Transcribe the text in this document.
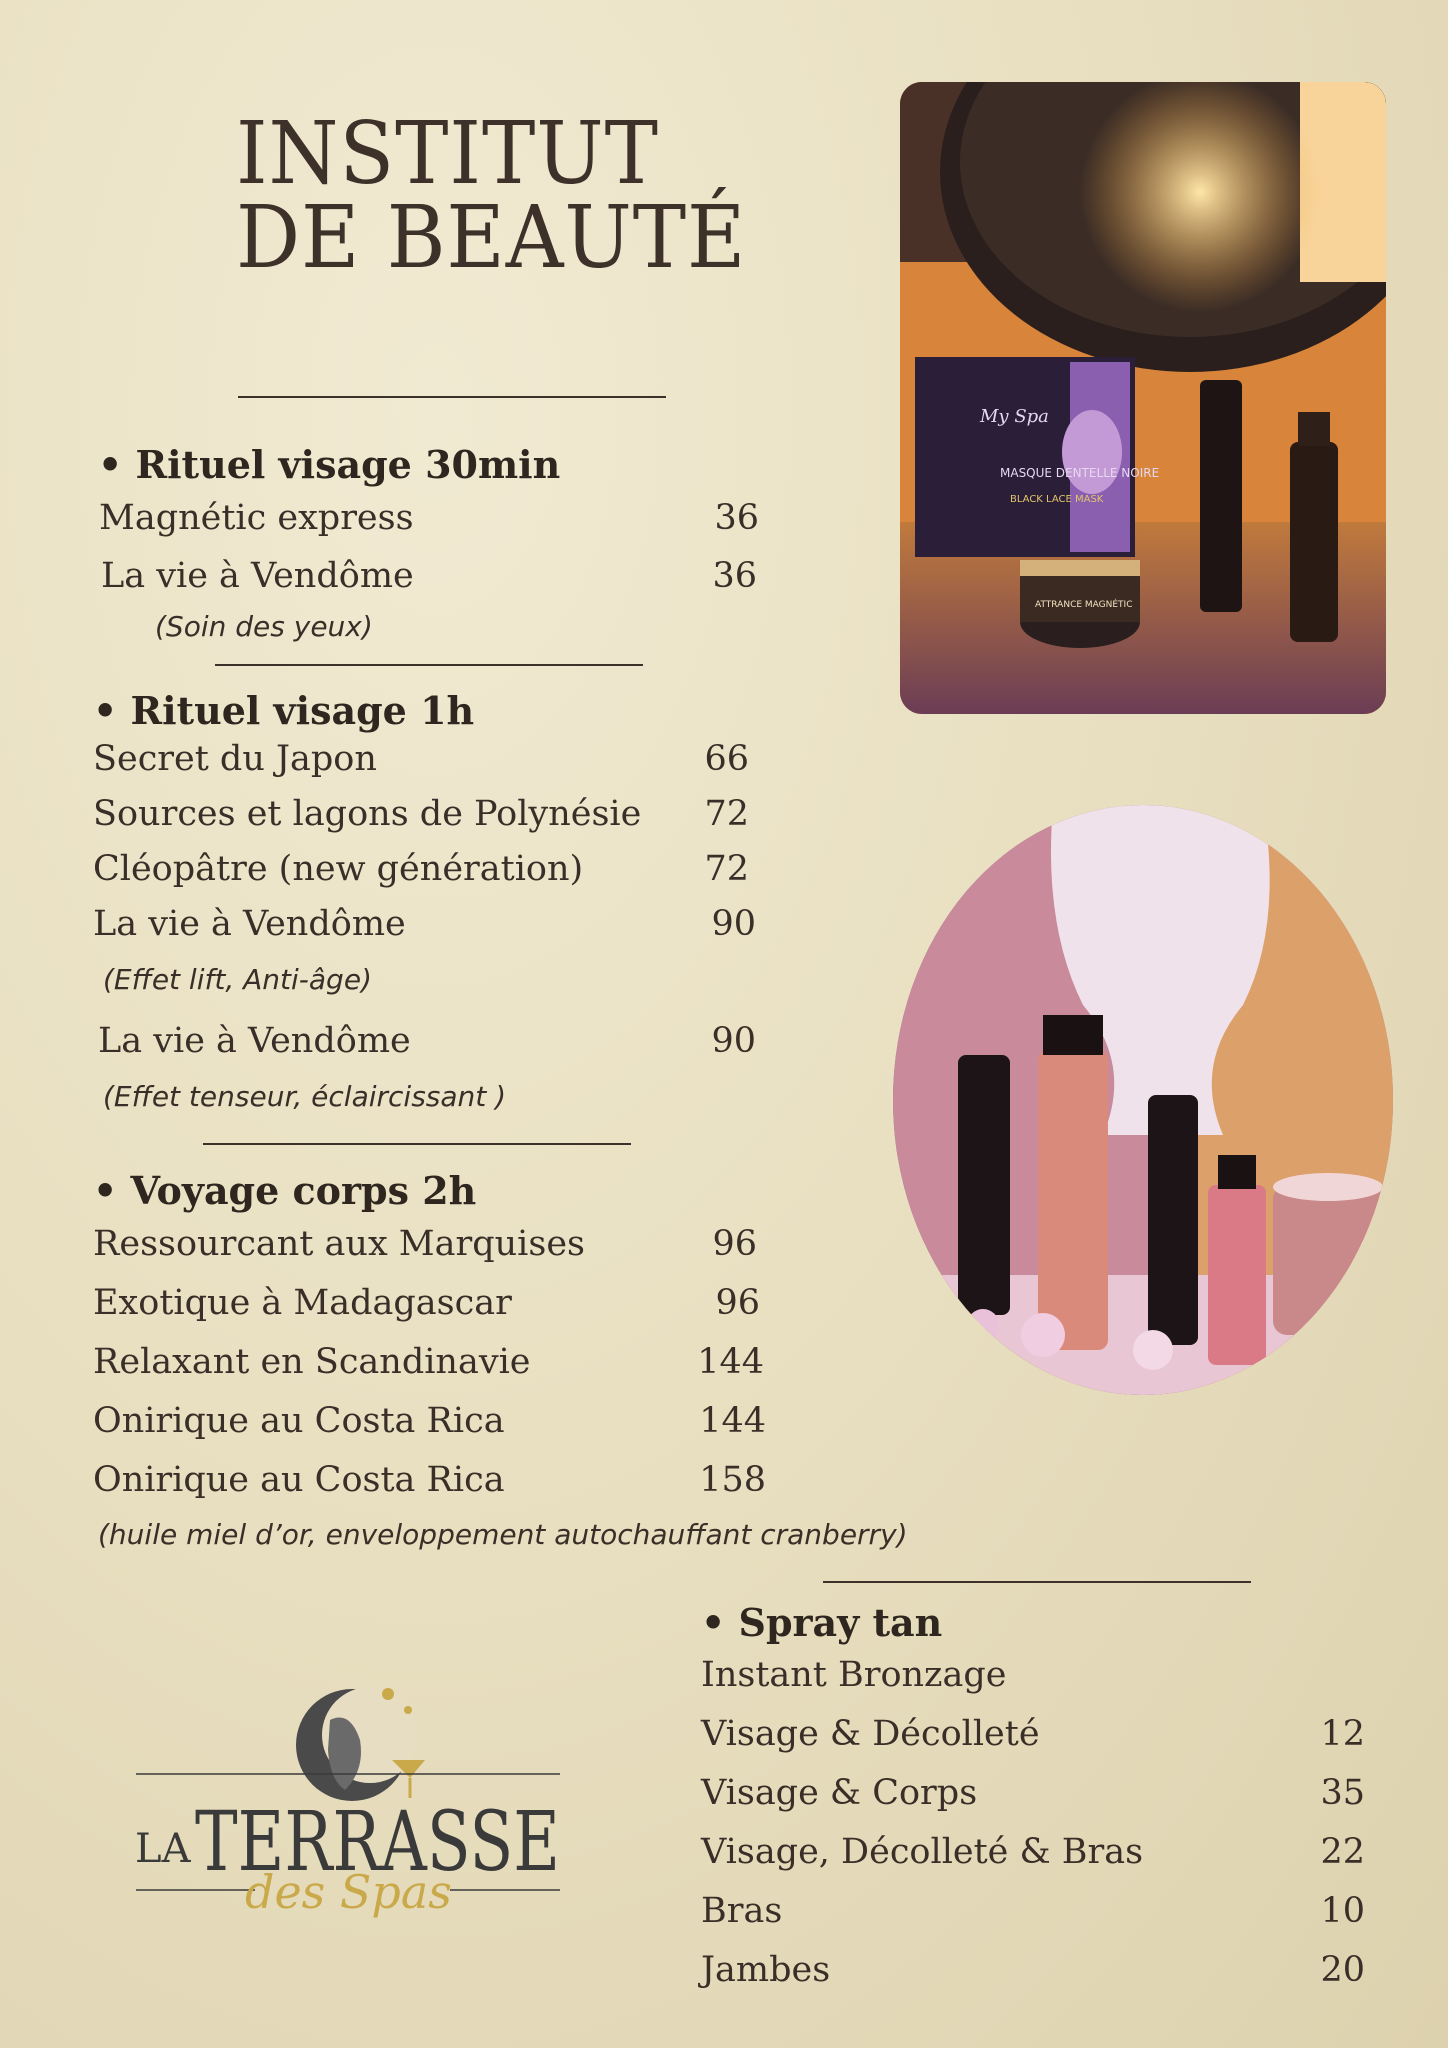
INSTITUT
DE BEAUTÉ
• Rituel visage 30min
Magnétic express	36
La vie à Vendôme	36
(Soin des yeux)
• Rituel visage 1h
Secret du Japon	66
Sources et lagons de Polynésie	72
Cléopâtre (new génération)	72
La vie à Vendôme	90
(Effet lift, Anti-âge)
La vie à Vendôme	90
(Effet tenseur, éclaircissant )
• Voyage corps 2h
Ressourcant aux Marquises	96
Exotique à Madagascar	96
Relaxant en Scandinavie	144
Onirique au Costa Rica	144
Onirique au Costa Rica	158
(huile miel d’or, enveloppement autochauffant cranberry)
• Spray tan
Instant Bronzage
Visage & Décolleté	12
Visage & Corps	35
Visage, Décolleté & Bras	22
Bras	10
Jambes	20
MASQUE DENTELLE NOIRE
BLACK LACE MASK
My Spa
ATTRANCE MAGNÉTIC
LA TERRASSE
des Spas
